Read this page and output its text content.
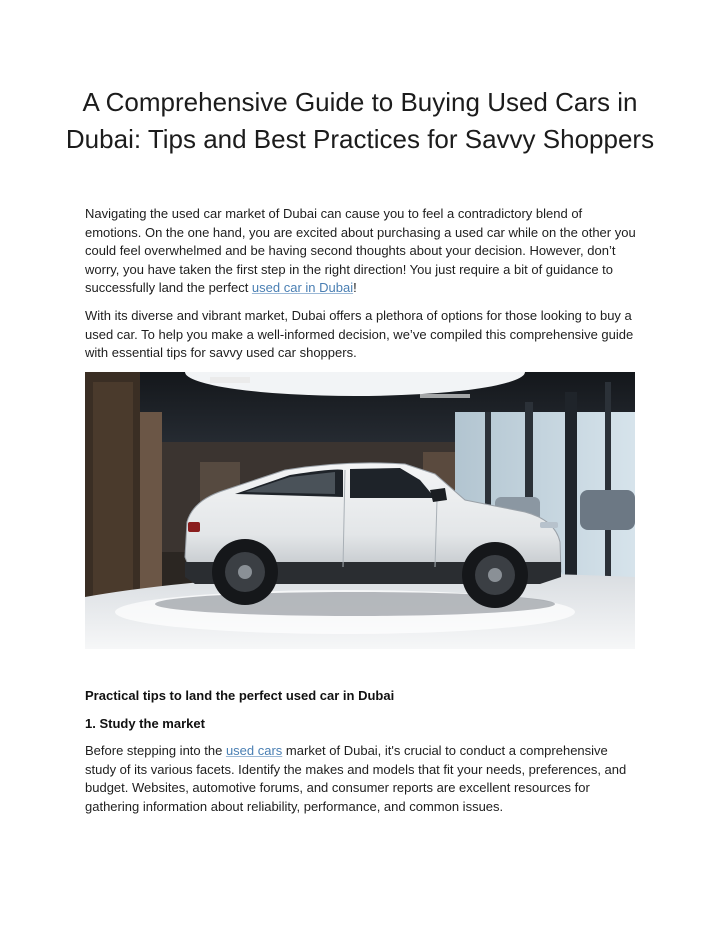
A Comprehensive Guide to Buying Used Cars in Dubai: Tips and Best Practices for Savvy Shoppers

Navigating the used car market of Dubai can cause you to feel a contradictory blend of emotions. On the one hand, you are excited about purchasing a used car while on the other you could feel overwhelmed and be having second thoughts about your decision. However, don’t worry, you have taken the first step in the right direction! You just require a bit of guidance to successfully land the perfect used car in Dubai!

With its diverse and vibrant market, Dubai offers a plethora of options for those looking to buy a used car. To help you make a well-informed decision, we’ve compiled this comprehensive guide with essential tips for savvy used car shoppers.

Practical tips to land the perfect used car in Dubai
1. Study the market

Before stepping into the used cars market of Dubai, it's crucial to conduct a comprehensive study of its various facets. Identify the makes and models that fit your needs, preferences, and budget. Websites, automotive forums, and consumer reports are excellent resources for gathering information about reliability, performance, and common issues.
